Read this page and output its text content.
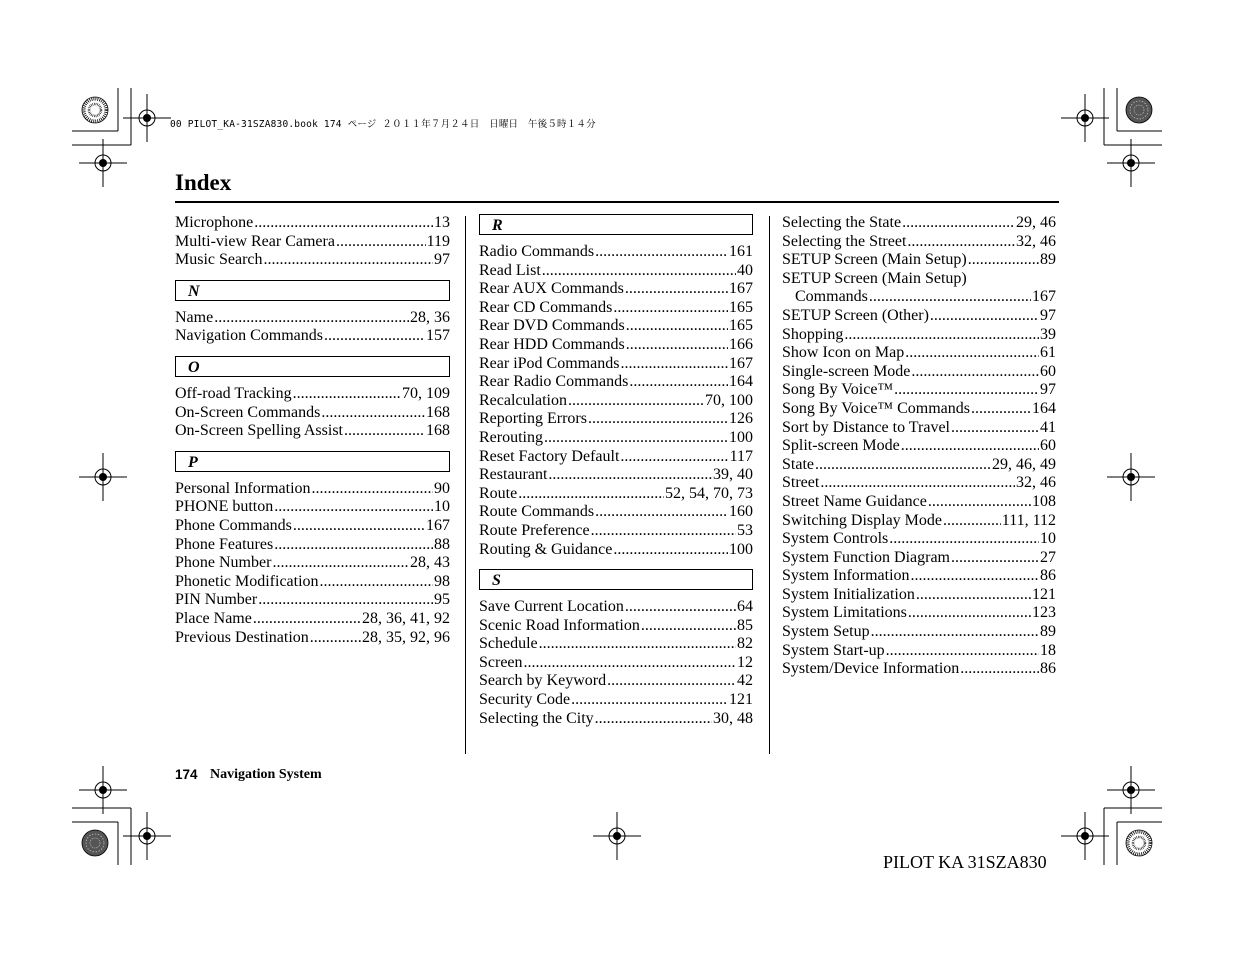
00 PILOT_KA-31SZA830.book 174 ページ ２０１１年７月２４日　日曜日　午後５時１４分
Index
Microphone .....	13
Multi-view Rear Camera .....	119
Music Search .....	97
N
Name .....	28, 36
Navigation Commands .....	157
O
Off-road Tracking .....	70, 109
On-Screen Commands .....	168
On-Screen Spelling Assist .....	168
P
Personal Information .....	90
PHONE button .....	10
Phone Commands .....	167
Phone Features .....	88
Phone Number .....	28, 43
Phonetic Modification .....	98
PIN Number .....	95
Place Name .....	28, 36, 41, 92
Previous Destination .....	28, 35, 92, 96
R
Radio Commands .....	161
Read List .....	40
Rear AUX Commands .....	167
Rear CD Commands .....	165
Rear DVD Commands .....	165
Rear HDD Commands .....	166
Rear iPod Commands .....	167
Rear Radio Commands .....	164
Recalculation .....	70, 100
Reporting Errors .....	126
Rerouting .....	100
Reset Factory Default .....	117
Restaurant .....	39, 40
Route .....	52, 54, 70, 73
Route Commands .....	160
Route Preference .....	53
Routing & Guidance .....	100
S
Save Current Location .....	64
Scenic Road Information .....	85
Schedule .....	82
Screen .....	12
Search by Keyword .....	42
Security Code .....	121
Selecting the City .....	30, 48
Selecting the State .....	29, 46
Selecting the Street .....	32, 46
SETUP Screen (Main Setup) .....	89
SETUP Screen (Main Setup)
Commands .....	167
SETUP Screen (Other) .....	97
Shopping .....	39
Show Icon on Map .....	61
Single-screen Mode .....	60
Song By Voice™ .....	97
Song By Voice™ Commands .....	164
Sort by Distance to Travel .....	41
Split-screen Mode .....	60
State .....	29, 46, 49
Street .....	32, 46
Street Name Guidance .....	108
Switching Display Mode .....	111, 112
System Controls .....	10
System Function Diagram .....	27
System Information .....	86
System Initialization .....	121
System Limitations .....	123
System Setup .....	89
System Start-up .....	18
System/Device Information .....	86
174 Navigation System
PILOT KA 31SZA830
